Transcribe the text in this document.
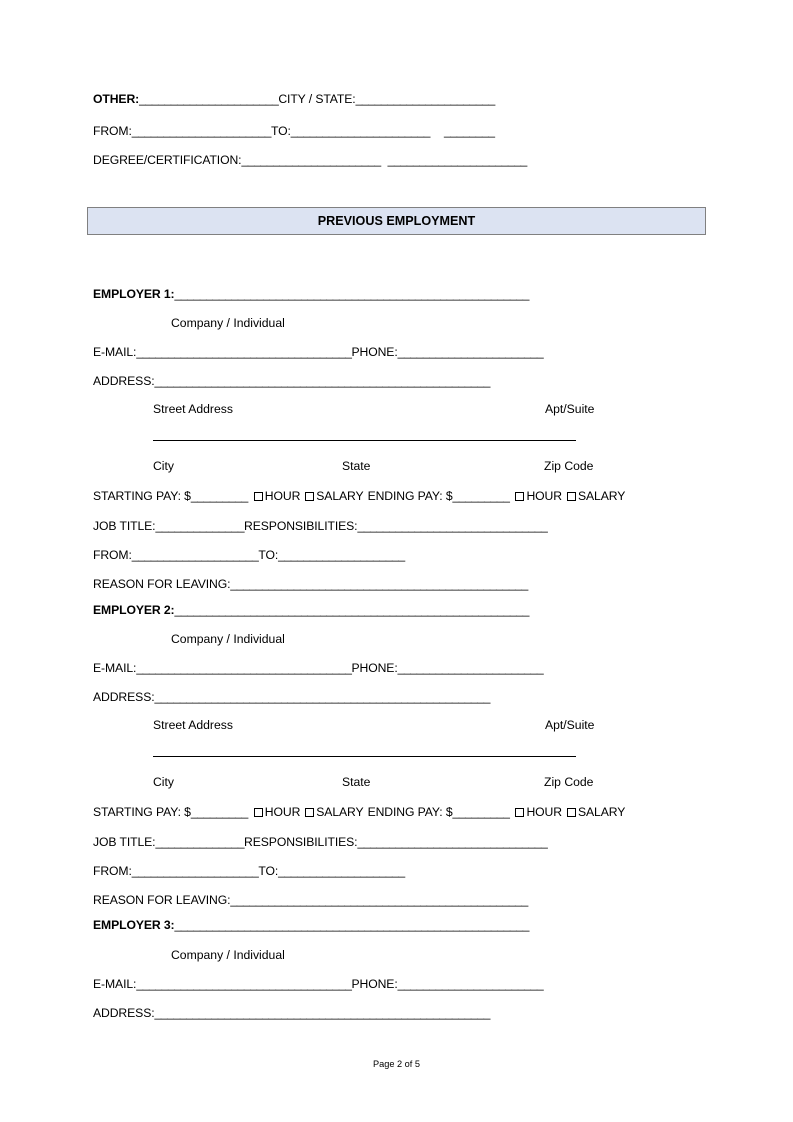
OTHER:______________________CITY / STATE:______________________
FROM:______________________TO:______________________ ________
DEGREE/CERTIFICATION:______________________ ______________________
PREVIOUS EMPLOYMENT
EMPLOYER 1:________________________________________________________
Company / Individual
E-MAIL:__________________________________PHONE:_______________________
ADDRESS:_____________________________________________________
Street Address	Apt/Suite
City	State	Zip Code
STARTING PAY: $_________ HOUR SALARY ENDING PAY: $_________ HOUR SALARY
JOB TITLE:______________RESPONSIBILITIES:______________________________
FROM:____________________TO:____________________
REASON FOR LEAVING:_______________________________________________
EMPLOYER 2:________________________________________________________
Company / Individual
E-MAIL:__________________________________PHONE:_______________________
ADDRESS:_____________________________________________________
Street Address	Apt/Suite
City	State	Zip Code
STARTING PAY: $_________ HOUR SALARY ENDING PAY: $_________ HOUR SALARY
JOB TITLE:______________RESPONSIBILITIES:______________________________
FROM:____________________TO:____________________
REASON FOR LEAVING:_______________________________________________
EMPLOYER 3:________________________________________________________
Company / Individual
E-MAIL:__________________________________PHONE:_______________________
ADDRESS:_____________________________________________________
Page 2 of 5
